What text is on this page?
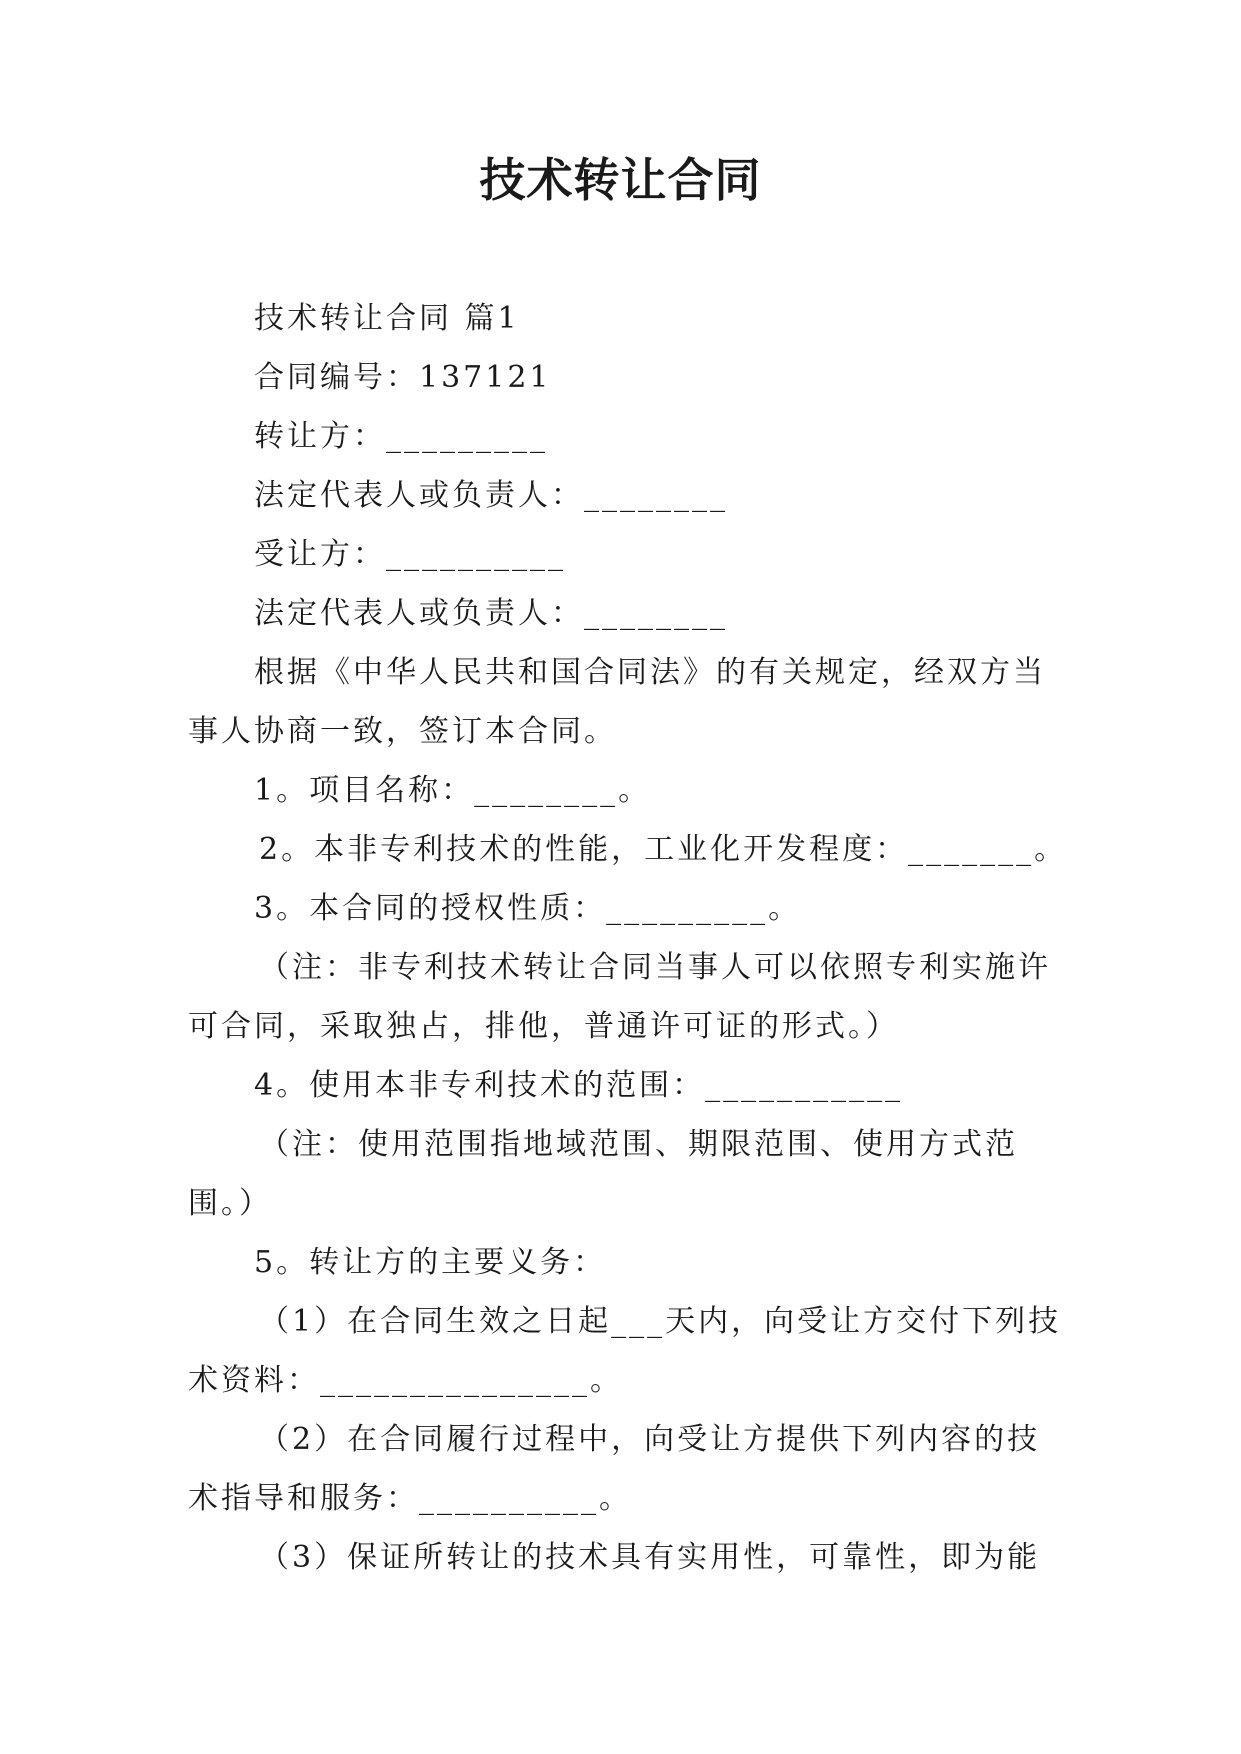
技术转让合同

技术转让合同 篇1

合同编号：137121

转让方：_________

法定代表人或负责人：________

受让方：__________

法定代表人或负责人：________

根据《中华人民共和国合同法》的有关规定，经双方当

事人协商一致，签订本合同。

1。项目名称：________。

2。本非专利技术的性能，工业化开发程度：_______。

3。本合同的授权性质：_________。

（注：非专利技术转让合同当事人可以依照专利实施许

可合同，采取独占，排他，普通许可证的形式。）

4。使用本非专利技术的范围：___________

（注：使用范围指地域范围、期限范围、使用方式范

围。）

5。转让方的主要义务：

（1）在合同生效之日起___天内，向受让方交付下列技

术资料：_______________。

（2）在合同履行过程中，向受让方提供下列内容的技

术指导和服务：__________。

（3）保证所转让的技术具有实用性，可靠性，即为能
